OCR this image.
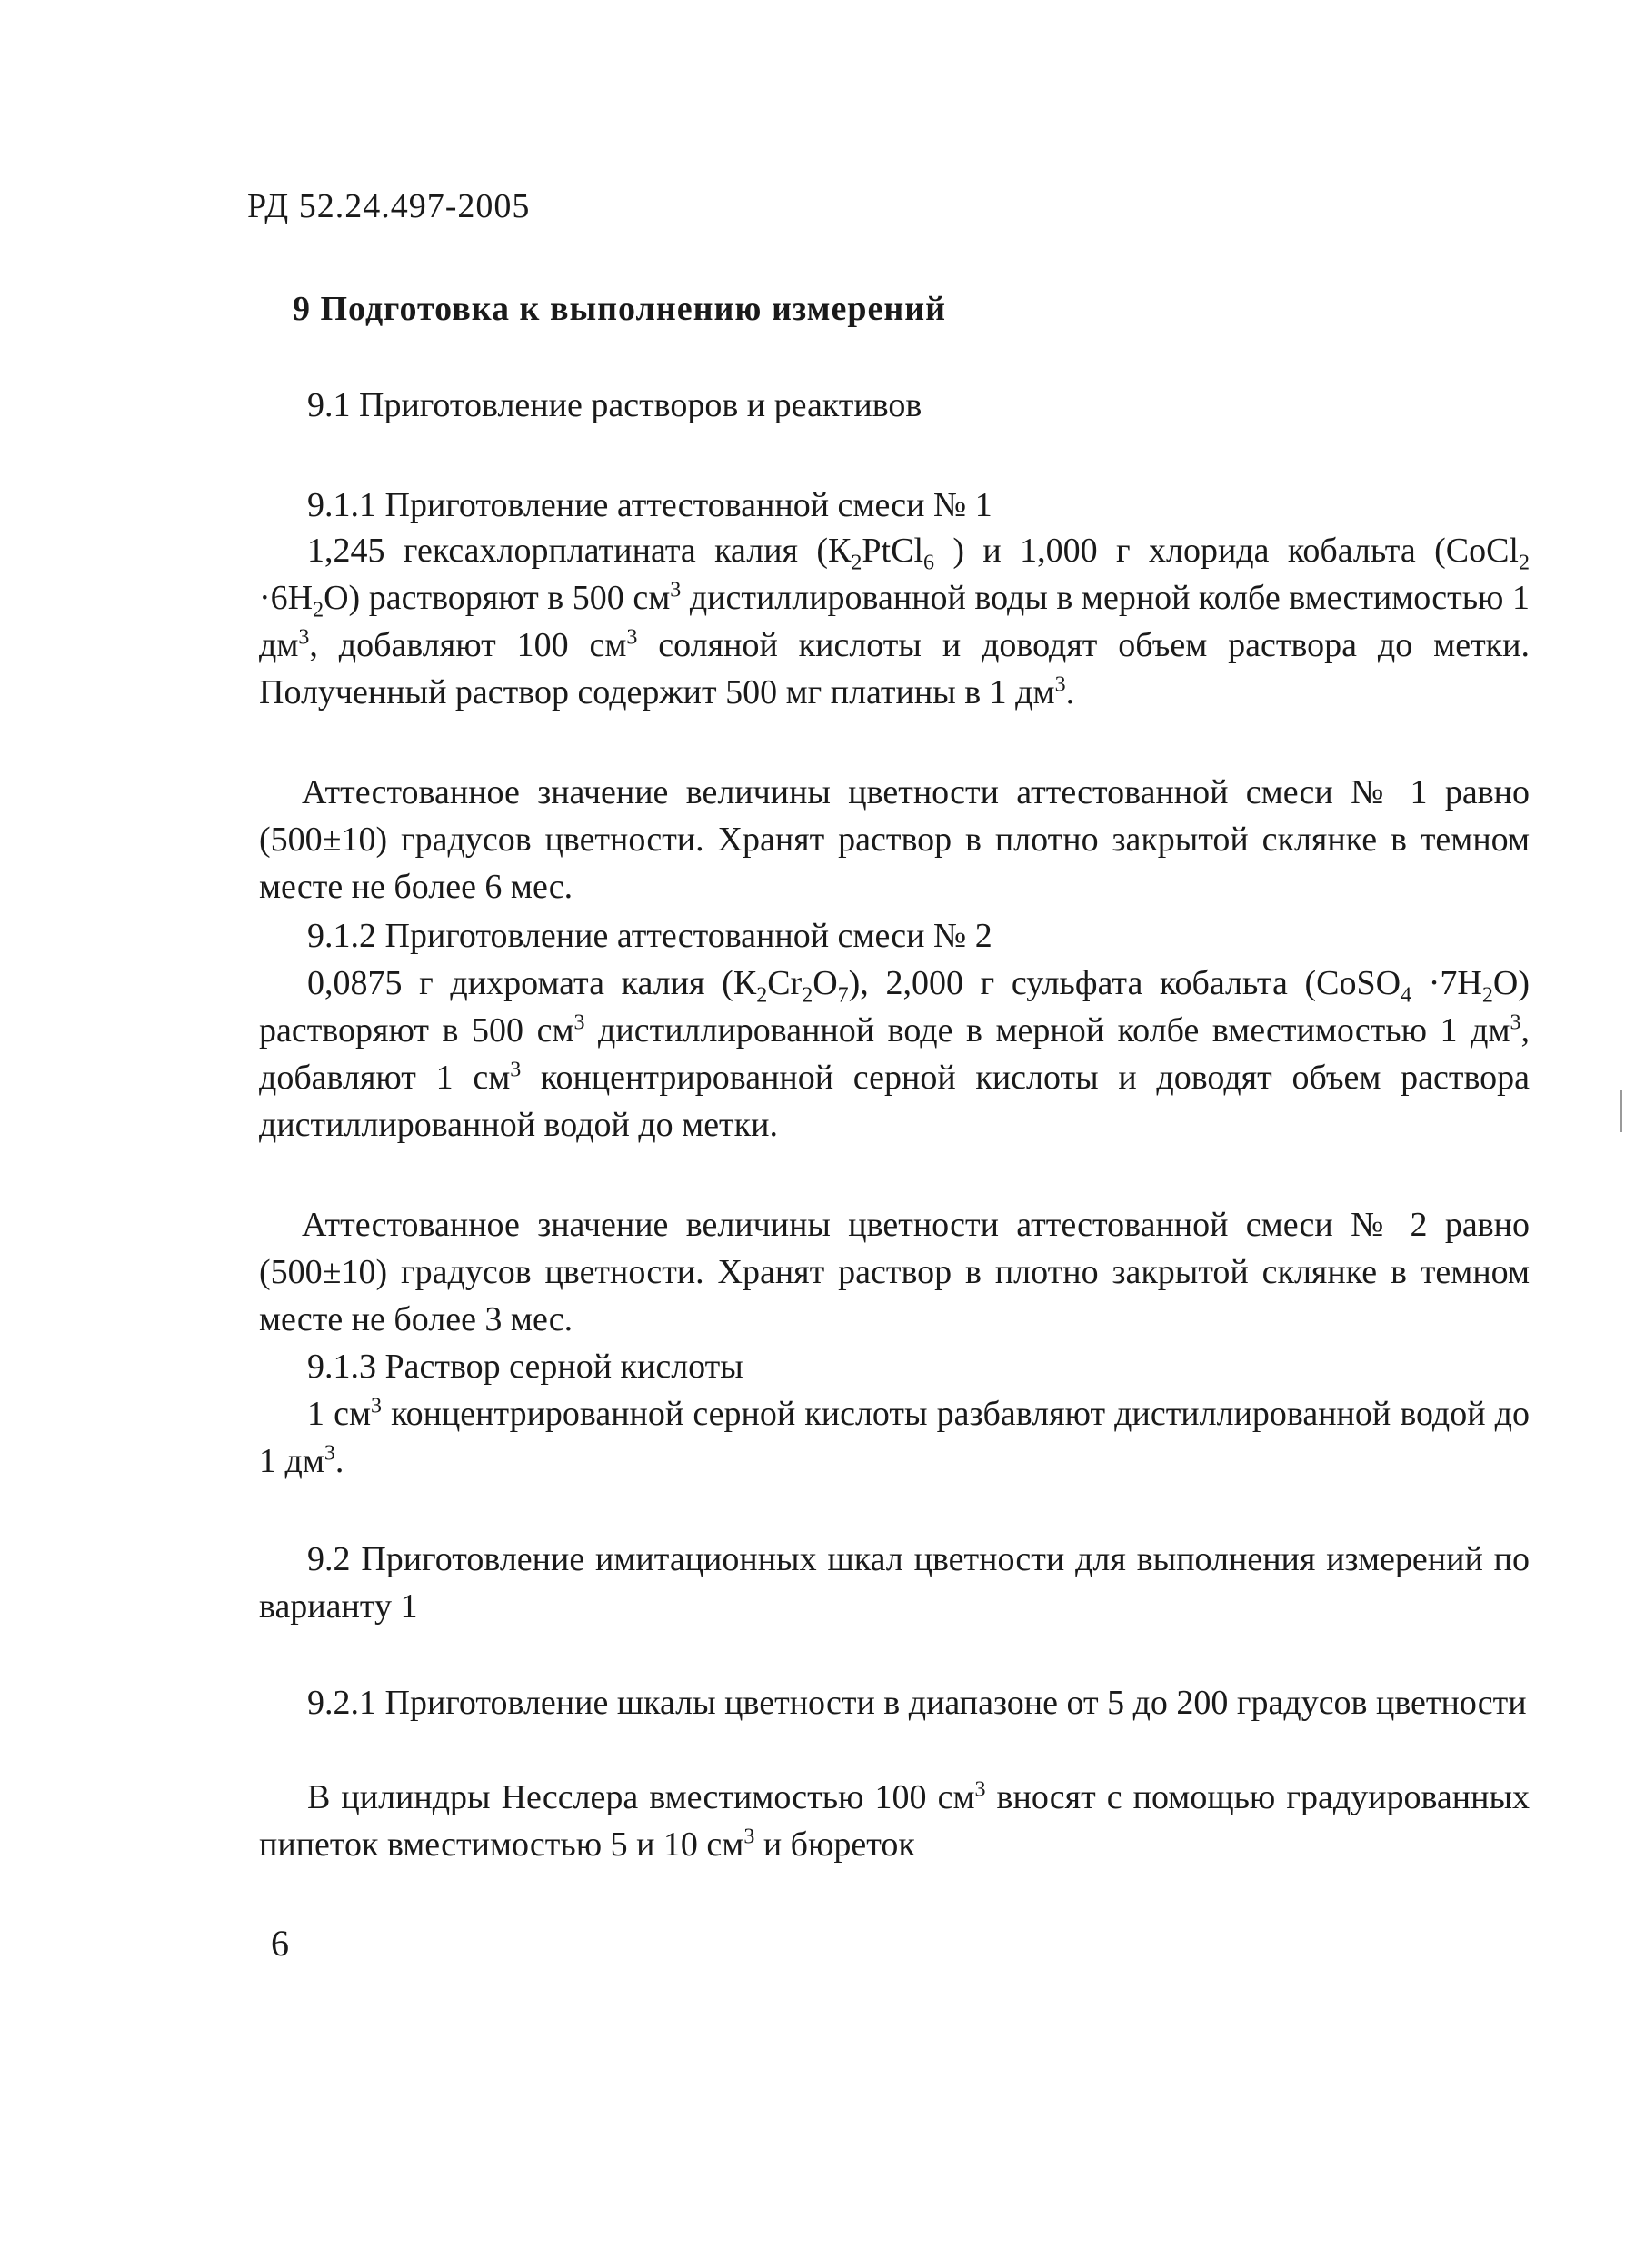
РД 52.24.497-2005
9 Подготовка к выполнению измерений
9.1 Приготовление растворов и реактивов
9.1.1 Приготовление аттестованной смеси № 1

1,245 гексахлорплатината калия ($К_2PtCl_6$ ) и 1,000 г хлорида кобальта (CoCl$_2$ $\cdot 6H_2O$) растворяют в 500 $см^3$ дистиллированной воды в мерной колбе вместимостью 1 $дм^3$, добавляют 100 $см^3$ соляной кислоты и доводят объем раствора до метки. Полученный раствор содержит 500 мг платины в 1 $дм^3$.

Аттестованное значение величины цветности аттестованной смеси № 1 равно (500±10) градусов цветности. Хранят раствор в плотно закрытой склянке в темном месте не более 6 мес.

9.1.2 Приготовление аттестованной смеси № 2

0,0875 г дихромата калия $(К_2Cr_2O_7)$, 2,000 г сульфата кобальта (CoSO$_4$ $\cdot 7H_2O$) растворяют в 500 $см^3$ дистиллированной воде в мерной колбе вместимостью 1 $дм^3$, добавляют 1 $см^3$ концентрированной серной кислоты и доводят объем раствора дистиллированной водой до метки.

Аттестованное значение величины цветности аттестованной смеси № 2 равно (500±10) градусов цветности. Хранят раствор в плотно закрытой склянке в темном месте не более 3 мес.

9.1.3 Раствор серной кислоты

1 $см^3$ концентрированной серной кислоты разбавляют дистиллированной водой до 1 $дм^3$.

9.2 Приготовление имитационных шкал цветности для выполнения измерений по варианту 1

9.2.1 Приготовление шкалы цветности в диапазоне от 5 до 200 градусов цветности

В цилиндры Несслера вместимостью 100 $см^3$ вносят с помощью градуированных пипеток вместимостью 5 и 10 $см^3$ и бюреток

6
